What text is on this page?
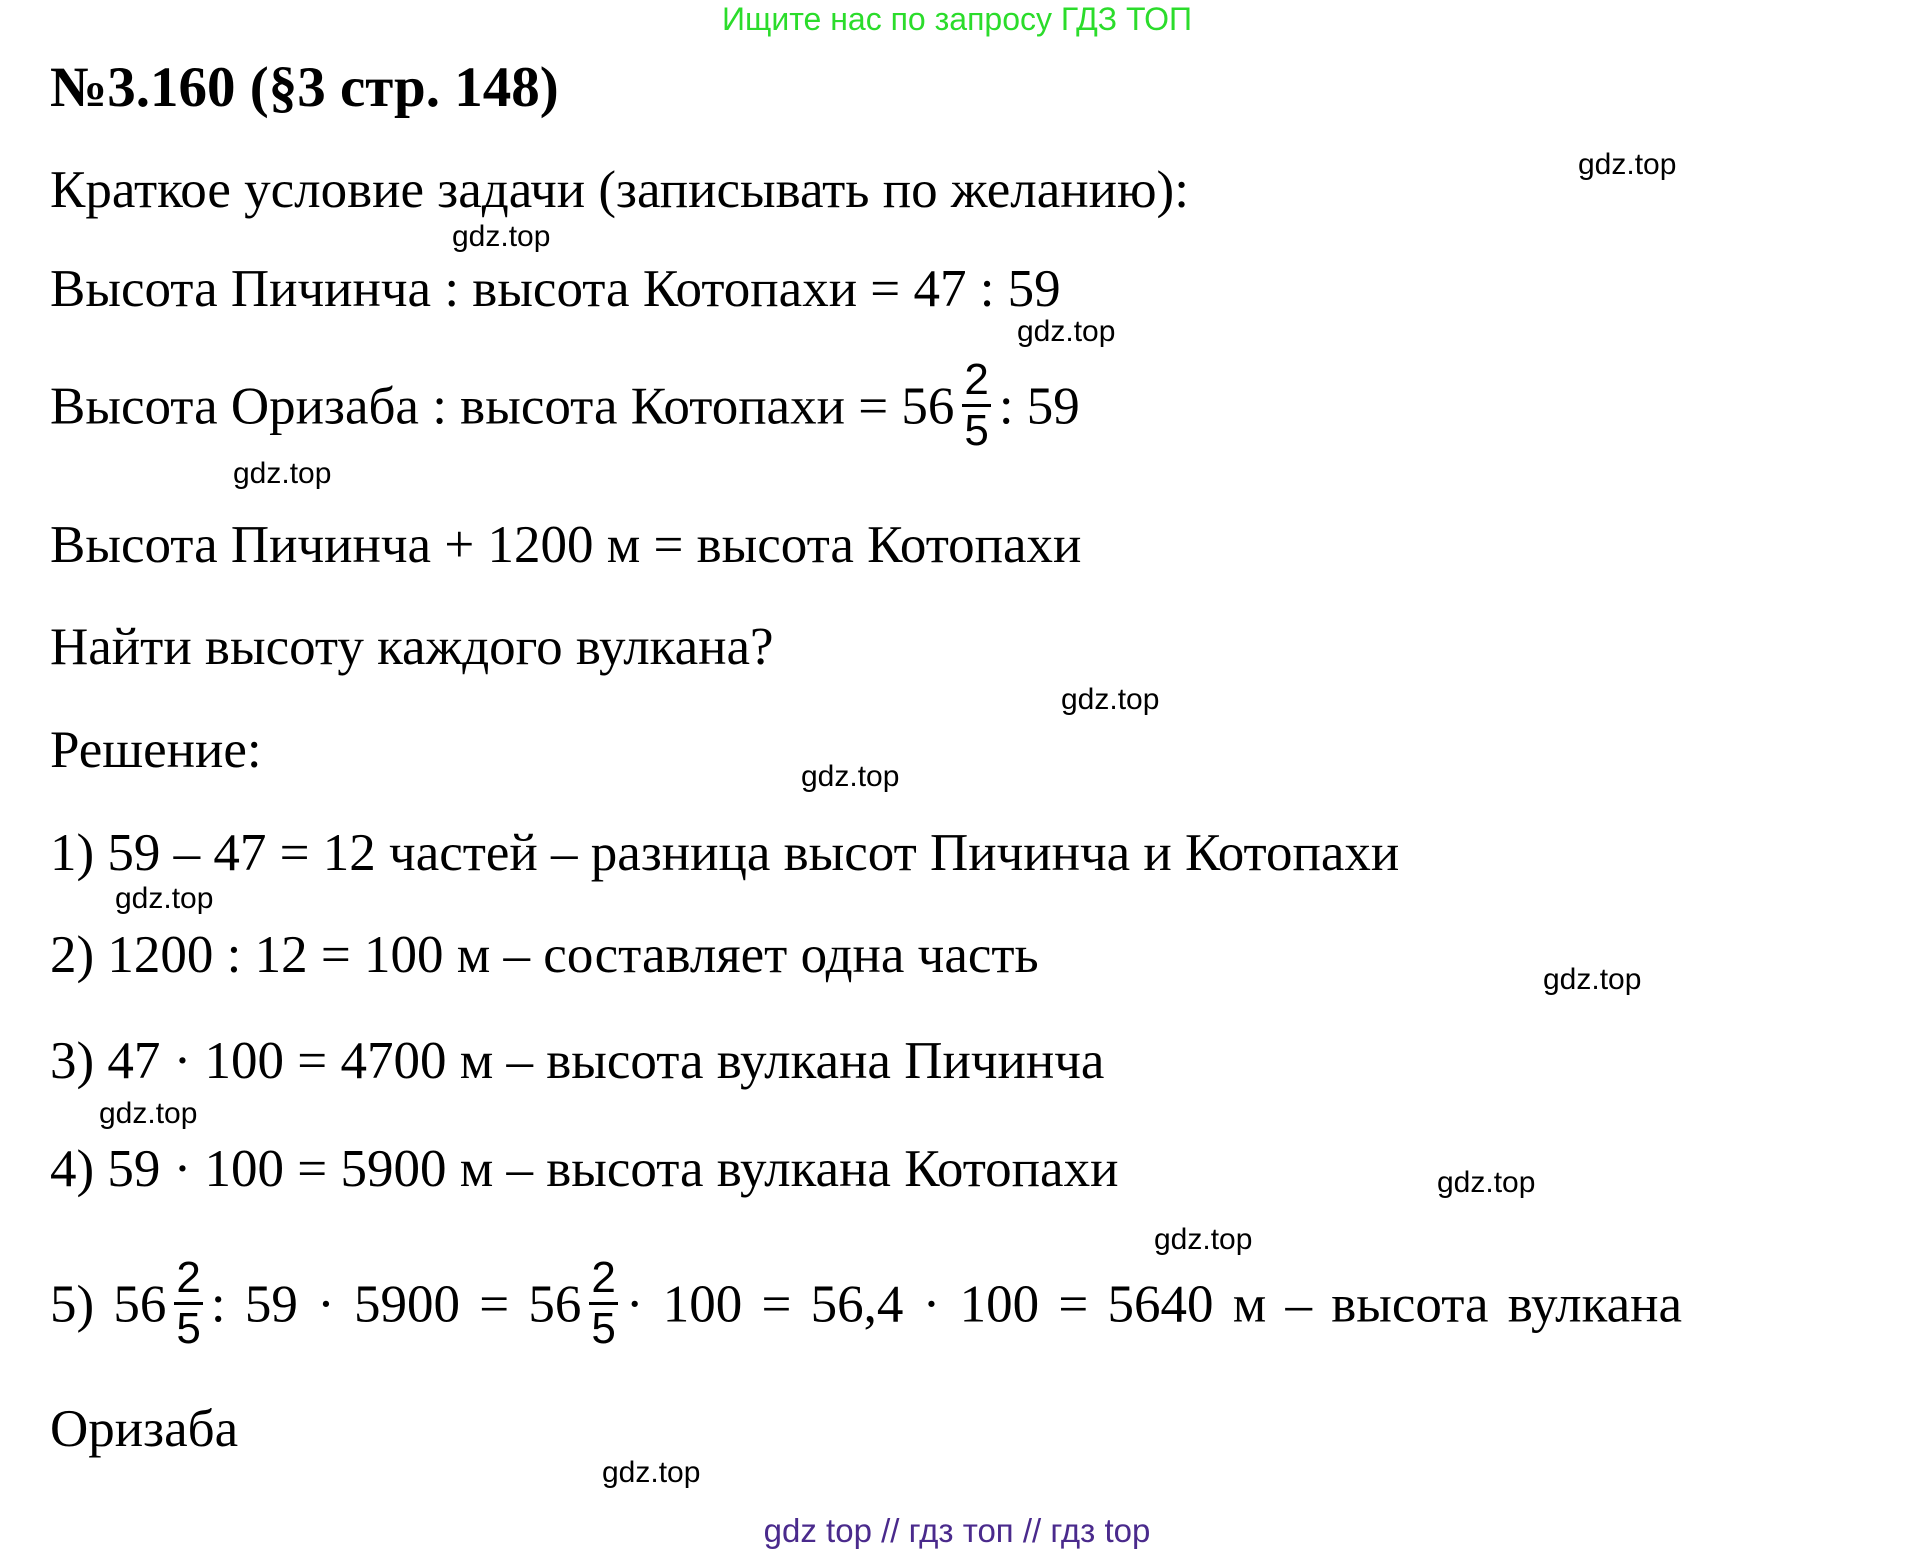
Ищите нас по запросу ГДЗ ТОП
№3.160 (§3 стр. 148)
Краткое условие задачи (записывать по желанию):
Высота Пичинча : высота Котопахи = 47 : 59
Высота Оризаба : высота Котопахи = $56 \frac{2}{5}$ : 59
Высота Пичинча + 1200 м = высота Котопахи
Найти высоту каждого вулкана?
Решение:
1) 59 – 47 = 12 частей – разница высот Пичинча и Котопахи
2) 1200 : 12 = 100 м – составляет одна часть
3) 47 · 100 = 4700 м – высота вулкана Пичинча
4) 59 · 100 = 5900 м – высота вулкана Котопахи
5) $56 \frac{2}{5}$ : $59 \cdot 5900 = 56 \frac{2}{5} \cdot 100 = 56,4 \cdot 100 = 5640$ м – высота вулкана
Оризаба
gdz.top
gdz.top
gdz.top
gdz.top
gdz.top
gdz.top
gdz.top
gdz.top
gdz.top
gdz.top
gdz.top
gdz.top
gdz top // гдз топ // гдз top
